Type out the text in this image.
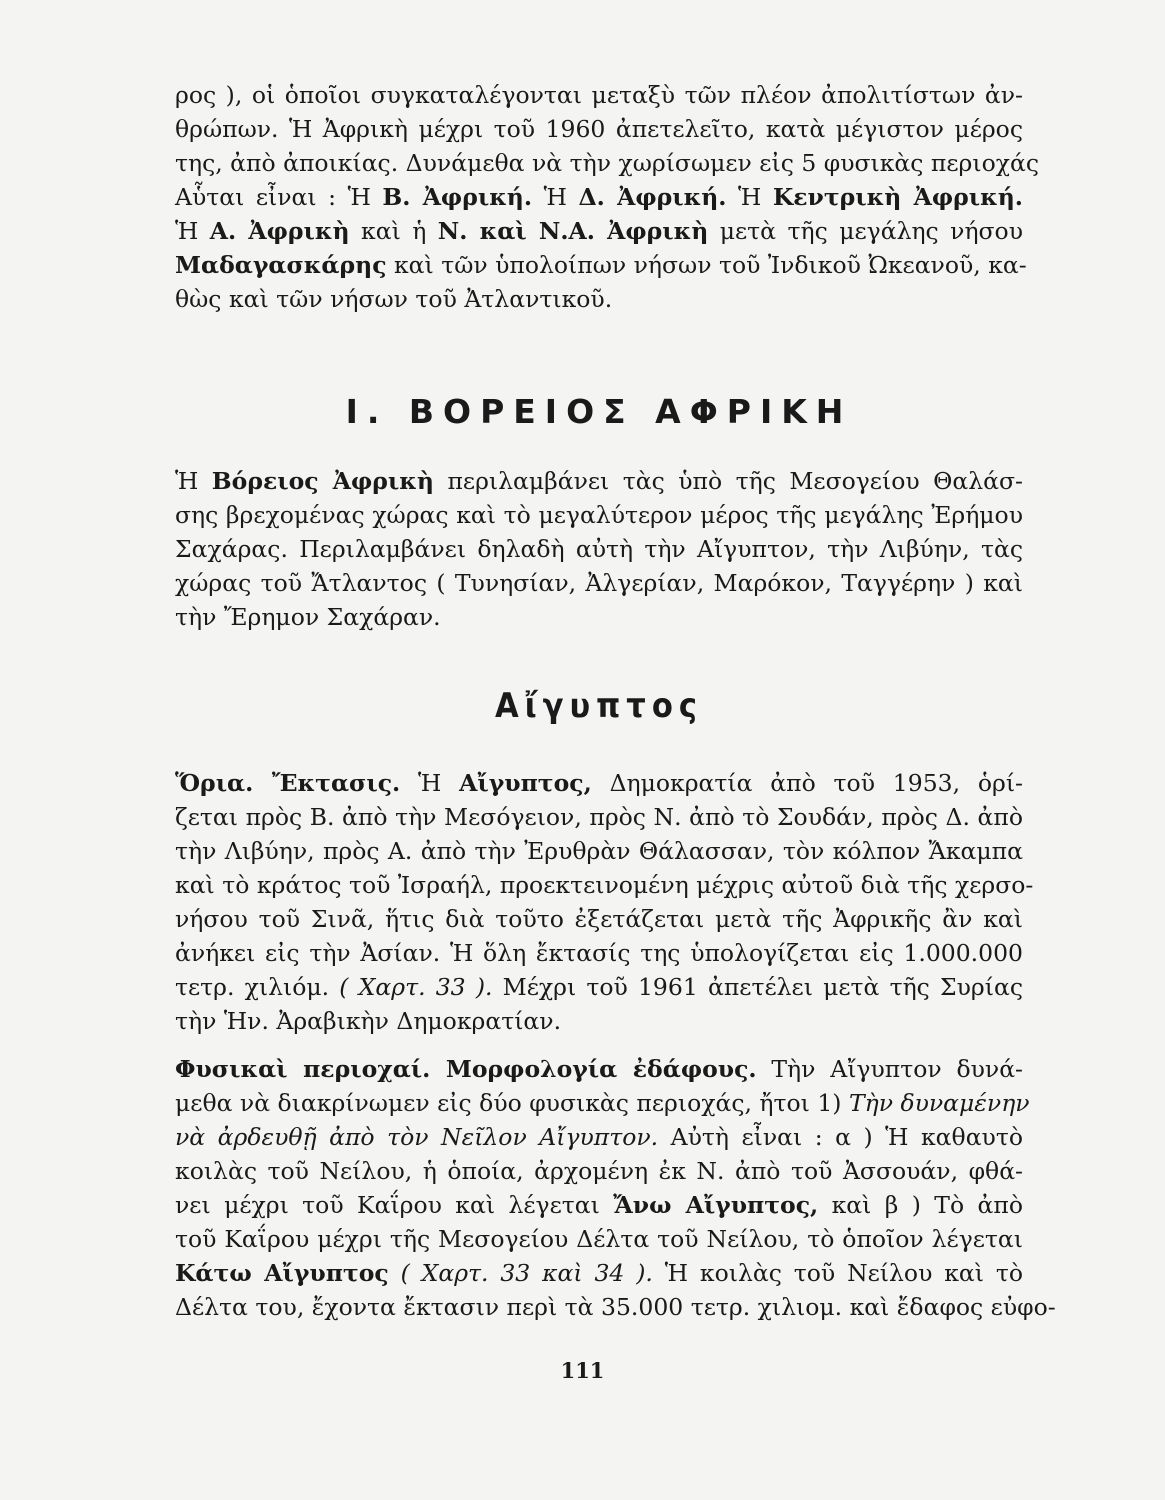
ρος ), οἱ ὁποῖοι συγκαταλέγονται μεταξὺ τῶν πλέον ἀπολιτίστων ἀν-
θρώπων. Ἡ Ἀφρικὴ μέχρι τοῦ 1960 ἀπετελεῖτο, κατὰ μέγιστον μέρος
της, ἀπὸ ἀποικίας. Δυνάμεθα νὰ τὴν χωρίσωμεν εἰς 5 φυσικὰς περιοχάς
Αὗται εἶναι : Ἡ Β. Ἀφρική. Ἡ Δ. Ἀφρική. Ἡ Κεντρικὴ Ἀφρική.
Ἡ Α. Ἀφρικὴ καὶ ἡ Ν. καὶ Ν.Α. Ἀφρικὴ μετὰ τῆς μεγάλης νήσου
Μαδαγασκάρης καὶ τῶν ὑπολοίπων νήσων τοῦ Ἰνδικοῦ Ὠκεανοῦ, κα-
θὼς καὶ τῶν νήσων τοῦ Ἀτλαντικοῦ.
I. ΒΟΡΕΙΟΣ ΑΦΡΙΚΗ
Ἡ Βόρειος Ἀφρικὴ περιλαμβάνει τὰς ὑπὸ τῆς Μεσογείου Θαλάσ-
σης βρεχομένας χώρας καὶ τὸ μεγαλύτερον μέρος τῆς μεγάλης Ἐρήμου
Σαχάρας. Περιλαμβάνει δηλαδὴ αὐτὴ τὴν Αἴγυπτον, τὴν Λιβύην, τὰς
χώρας τοῦ Ἄτλαντος ( Τυνησίαν, Ἀλγερίαν, Μαρόκον, Ταγγέρην ) καὶ
τὴν Ἔρημον Σαχάραν.
Αἴγυπτος
Ὅρια. Ἔκτασις. Ἡ Αἴγυπτος, Δημοκρατία ἀπὸ τοῦ 1953, ὁρί-
ζεται πρὸς Β. ἀπὸ τὴν Μεσόγειον, πρὸς Ν. ἀπὸ τὸ Σουδάν, πρὸς Δ. ἀπὸ
τὴν Λιβύην, πρὸς Α. ἀπὸ τὴν Ἐρυθρὰν Θάλασσαν, τὸν κόλπον Ἄκαμπα
καὶ τὸ κράτος τοῦ Ἰσραήλ, προεκτεινομένη μέχρις αὐτοῦ διὰ τῆς χερσο-
νήσου τοῦ Σινᾶ, ἥτις διὰ τοῦτο ἐξετάζεται μετὰ τῆς Ἀφρικῆς ἂν καὶ
ἀνήκει εἰς τὴν Ἀσίαν. Ἡ ὅλη ἔκτασίς της ὑπολογίζεται εἰς 1.000.000
τετρ. χιλιόμ. ( Χαρτ. 33 ). Μέχρι τοῦ 1961 ἀπετέλει μετὰ τῆς Συρίας
τὴν Ἡν. Ἀραβικὴν Δημοκρατίαν.
Φυσικαὶ περιοχαί. Μορφολογία ἐδάφους. Τὴν Αἴγυπτον δυνά-
μεθα νὰ διακρίνωμεν εἰς δύο φυσικὰς περιοχάς, ἤτοι 1) Τὴν δυναμένην
νὰ ἀρδευθῇ ἀπὸ τὸν Νεῖλον Αἴγυπτον. Αὐτὴ εἶναι : α ) Ἡ καθαυτὸ
κοιλὰς τοῦ Νείλου, ἡ ὁποία, ἀρχομένη ἐκ Ν. ἀπὸ τοῦ Ἀσσουάν, φθά-
νει μέχρι τοῦ Καΐρου καὶ λέγεται Ἄνω Αἴγυπτος, καὶ β ) Τὸ ἀπὸ
τοῦ Καΐρου μέχρι τῆς Μεσογείου Δέλτα τοῦ Νείλου, τὸ ὁποῖον λέγεται
Κάτω Αἴγυπτος ( Χαρτ. 33 καὶ 34 ). Ἡ κοιλὰς τοῦ Νείλου καὶ τὸ
Δέλτα του, ἔχοντα ἔκτασιν περὶ τὰ 35.000 τετρ. χιλιομ. καὶ ἔδαφος εὐφο-
111
